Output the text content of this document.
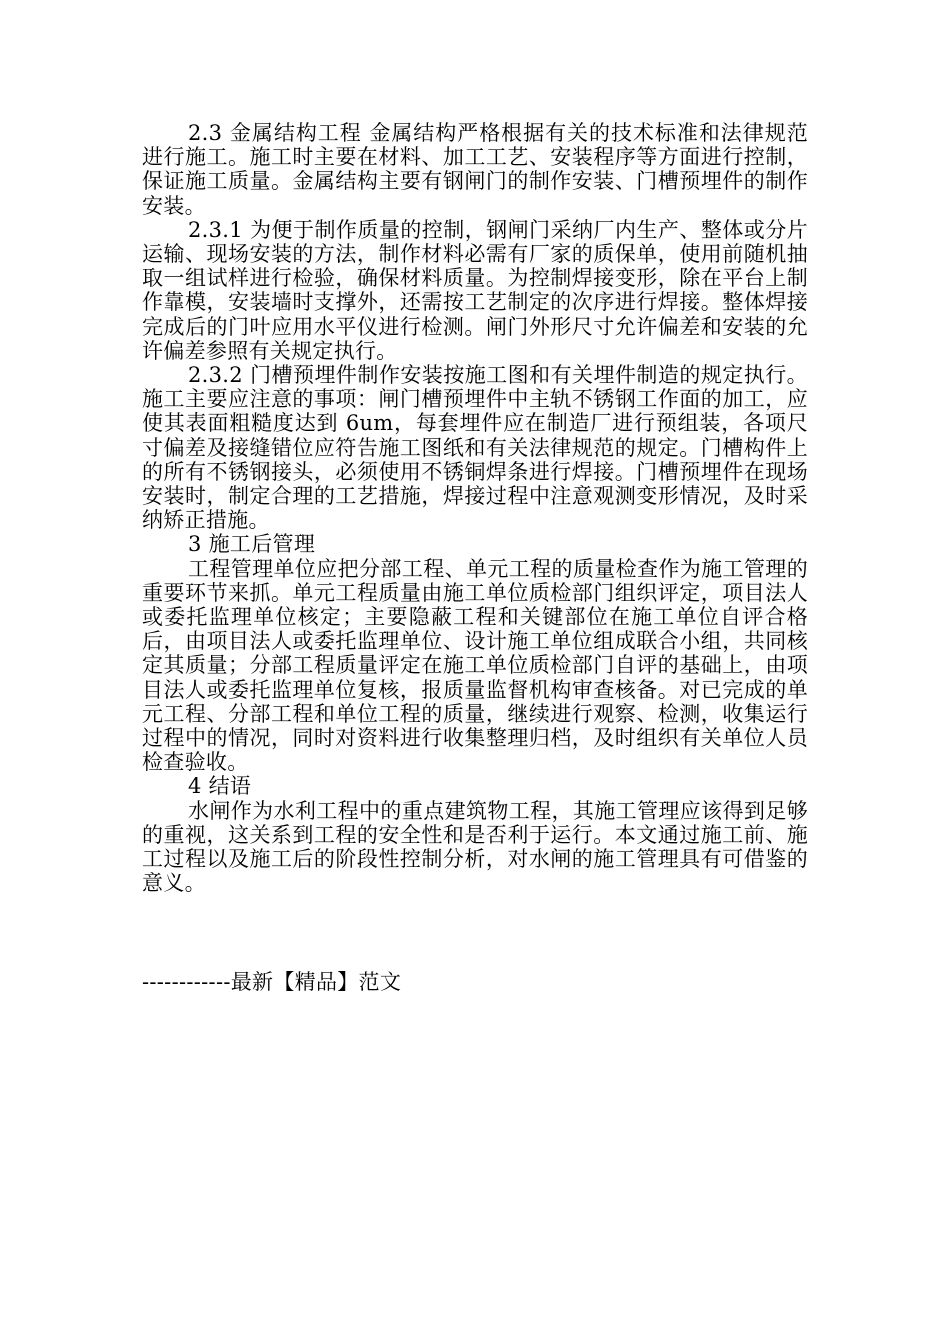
2.3 金属结构工程 金属结构严格根据有关的技术标准和法律规范进行施工。施工时主要在材料、加工工艺、安装程序等方面进行控制，保证施工质量。金属结构主要有钢闸门的制作安装、门槽预埋件的制作安装。

2.3.1 为便于制作质量的控制，钢闸门采纳厂内生产、整体或分片运输、现场安装的方法，制作材料必需有厂家的质保单，使用前随机抽取一组试样进行检验，确保材料质量。为控制焊接变形，除在平台上制作靠模，安装墙时支撑外，还需按工艺制定的次序进行焊接。整体焊接完成后的门叶应用水平仪进行检测。闸门外形尺寸允许偏差和安装的允许偏差参照有关规定执行。

2.3.2 门槽预埋件制作安装按施工图和有关埋件制造的规定执行。施工主要应注意的事项：闸门槽预埋件中主轨不锈钢工作面的加工，应使其表面粗糙度达到 6um，每套埋件应在制造厂进行预组装，各项尺寸偏差及接缝错位应符告施工图纸和有关法律规范的规定。门槽构件上的所有不锈钢接头，必须使用不锈铜焊条进行焊接。门槽预埋件在现场安装时，制定合理的工艺措施，焊接过程中注意观测变形情况，及时采纳矫正措施。

3 施工后管理

工程管理单位应把分部工程、单元工程的质量检查作为施工管理的重要环节来抓。单元工程质量由施工单位质检部门组织评定，项目法人或委托监理单位核定；主要隐蔽工程和关键部位在施工单位自评合格后，由项目法人或委托监理单位、设计施工单位组成联合小组，共同核定其质量；分部工程质量评定在施工单位质检部门自评的基础上，由项目法人或委托监理单位复核，报质量监督机构审查核备。对已完成的单元工程、分部工程和单位工程的质量，继续进行观察、检测，收集运行过程中的情况，同时对资料进行收集整理归档，及时组织有关单位人员检查验收。

4 结语

水闸作为水利工程中的重点建筑物工程，其施工管理应该得到足够的重视，这关系到工程的安全性和是否利于运行。本文通过施工前、施工过程以及施工后的阶段性控制分析，对水闸的施工管理具有可借鉴的意义。

------------最新【精品】范文
